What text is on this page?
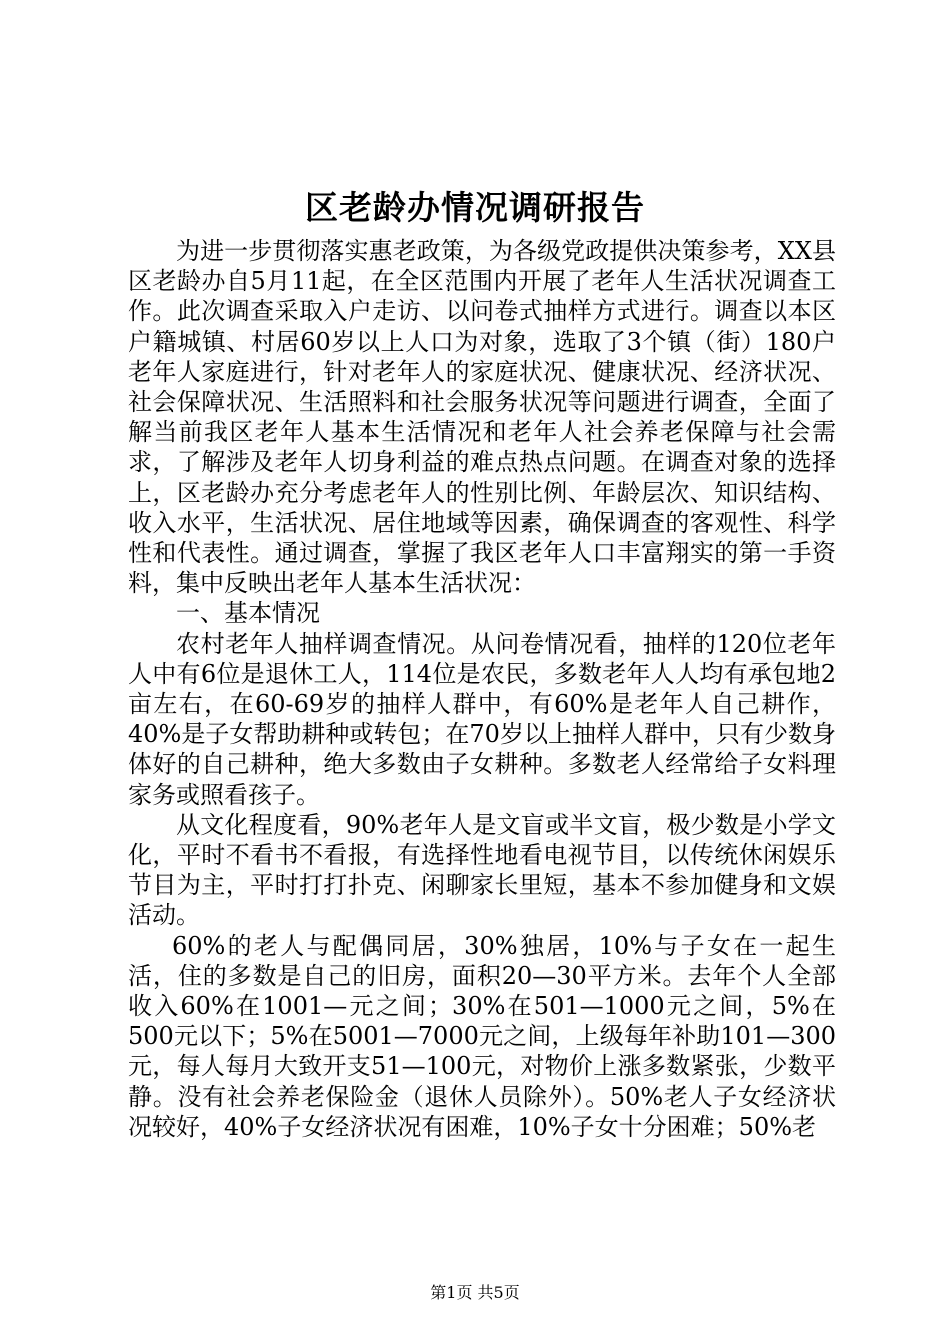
区老龄办情况调研报告

为进一步贯彻落实惠老政策，为各级党政提供决策参考，XX县区老龄办自5月11起，在全区范围内开展了老年人生活状况调查工作。此次调查采取入户走访、以问卷式抽样方式进行。调查以本区户籍城镇、村居60岁以上人口为对象，选取了3个镇（街）180户老年人家庭进行，针对老年人的家庭状况、健康状况、经济状况、社会保障状况、生活照料和社会服务状况等问题进行调查，全面了解当前我区老年人基本生活情况和老年人社会养老保障与社会需求，了解涉及老年人切身利益的难点热点问题。在调查对象的选择上，区老龄办充分考虑老年人的性别比例、年龄层次、知识结构、收入水平，生活状况、居住地域等因素，确保调查的客观性、科学性和代表性。通过调查，掌握了我区老年人口丰富翔实的第一手资料，集中反映出老年人基本生活状况：

一、基本情况

农村老年人抽样调查情况。从问卷情况看，抽样的120位老年人中有6位是退休工人，114位是农民，多数老年人人均有承包地2亩左右，在60-69岁的抽样人群中，有60%是老年人自己耕作，40%是子女帮助耕种或转包；在70岁以上抽样人群中，只有少数身体好的自己耕种，绝大多数由子女耕种。多数老人经常给子女料理家务或照看孩子。

从文化程度看，90%老年人是文盲或半文盲，极少数是小学文化，平时不看书不看报，有选择性地看电视节目，以传统休闲娱乐节目为主，平时打打扑克、闲聊家长里短，基本不参加健身和文娱活动。

60%的老人与配偶同居，30%独居，10%与子女在一起生活，住的多数是自己的旧房，面积20—30平方米。去年个人全部收入60%在1001—元之间；30%在501—1000元之间，5%在500元以下；5%在5001—7000元之间，上级每年补助101—300元，每人每月大致开支51—100元，对物价上涨多数紧张，少数平静。没有社会养老保险金（退休人员除外）。50%老人子女经济状况较好，40%子女经济状况有困难，10%子女十分困难；50%老

第1页 共5页
